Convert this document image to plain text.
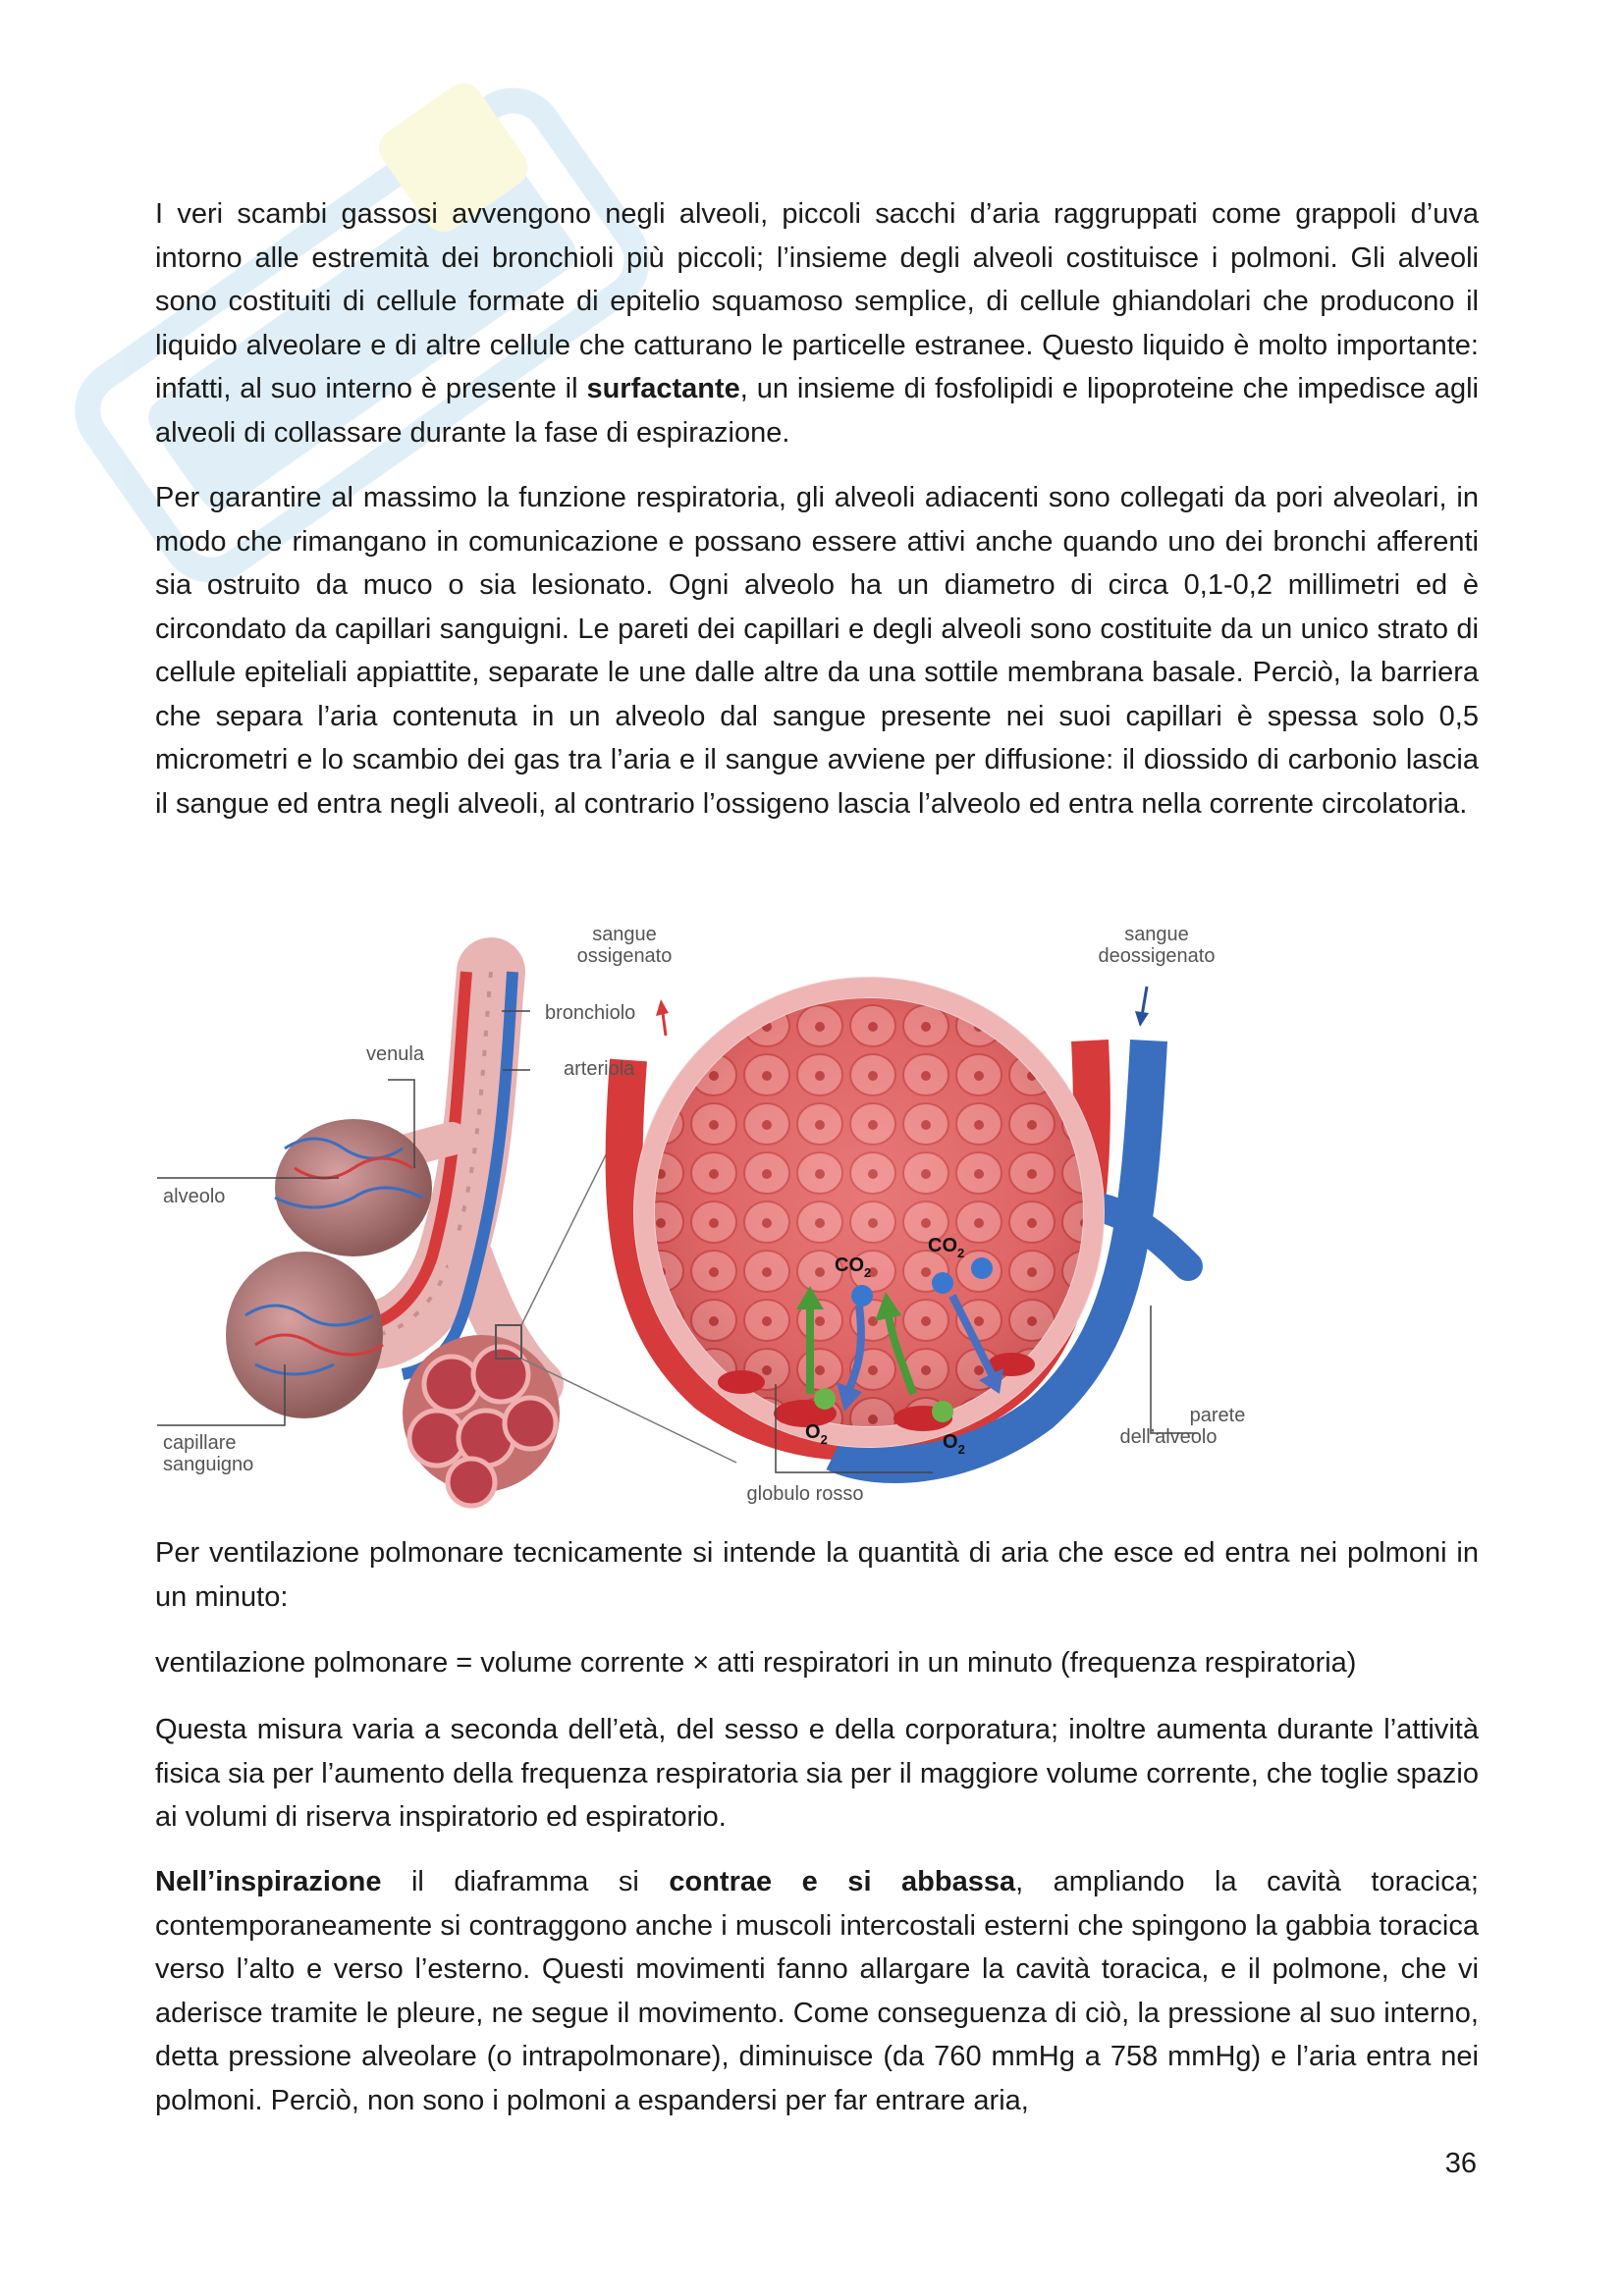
I veri scambi gassosi avvengono negli alveoli, piccoli sacchi d’aria raggruppati come grappoli d’uva intorno alle estremità dei bronchioli più piccoli; l’insieme degli alveoli costituisce i polmoni. Gli alveoli sono costituiti di cellule formate di epitelio squamoso semplice, di cellule ghiandolari che producono il liquido alveolare e di altre cellule che catturano le particelle estranee. Questo liquido è molto importante: infatti, al suo interno è presente il surfactante, un insieme di fosfolipidi e lipoproteine che impedisce agli alveoli di collassare durante la fase di espirazione.

Per garantire al massimo la funzione respiratoria, gli alveoli adiacenti sono collegati da pori alveolari, in modo che rimangano in comunicazione e possano essere attivi anche quando uno dei bronchi afferenti sia ostruito da muco o sia lesionato. Ogni alveolo ha un diametro di circa 0,1-0,2 millimetri ed è circondato da capillari sanguigni. Le pareti dei capillari e degli alveoli sono costituite da un unico strato di cellule epiteliali appiattite, separate le une dalle altre da una sottile membrana basale. Perciò, la barriera che separa l’aria contenuta in un alveolo dal sangue presente nei suoi capillari è spessa solo 0,5 micrometri e lo scambio dei gas tra l’aria e il sangue avviene per diffusione: il diossido di carbonio lascia il sangue ed entra negli alveoli, al contrario l’ossigeno lascia l’alveolo ed entra nella corrente circolatoria.

$CO_2$
$CO_2$
$O_2$	$O_2$
sangue ossigenato
sangue deossigenato
bronchiolo
venula
arteriola
alveolo
capillare sanguigno
parete dell’alveolo
globulo rosso

Per ventilazione polmonare tecnicamente si intende la quantità di aria che esce ed entra nei polmoni in un minuto:

ventilazione polmonare = volume corrente × atti respiratori in un minuto (frequenza respiratoria)

Questa misura varia a seconda dell’età, del sesso e della corporatura; inoltre aumenta durante l’attività fisica sia per l’aumento della frequenza respiratoria sia per il maggiore volume corrente, che toglie spazio ai volumi di riserva inspiratorio ed espiratorio.

Nell’inspirazione il diaframma si contrae e si abbassa, ampliando la cavità toracica; contemporaneamente si contraggono anche i muscoli intercostali esterni che spingono la gabbia toracica verso l’alto e verso l’esterno. Questi movimenti fanno allargare la cavità toracica, e il polmone, che vi aderisce tramite le pleure, ne segue il movimento. Come conseguenza di ciò, la pressione al suo interno, detta pressione alveolare (o intrapolmonare), diminuisce (da 760 mmHg a 758 mmHg) e l’aria entra nei polmoni. Perciò, non sono i polmoni a espandersi per far entrare aria,

36
